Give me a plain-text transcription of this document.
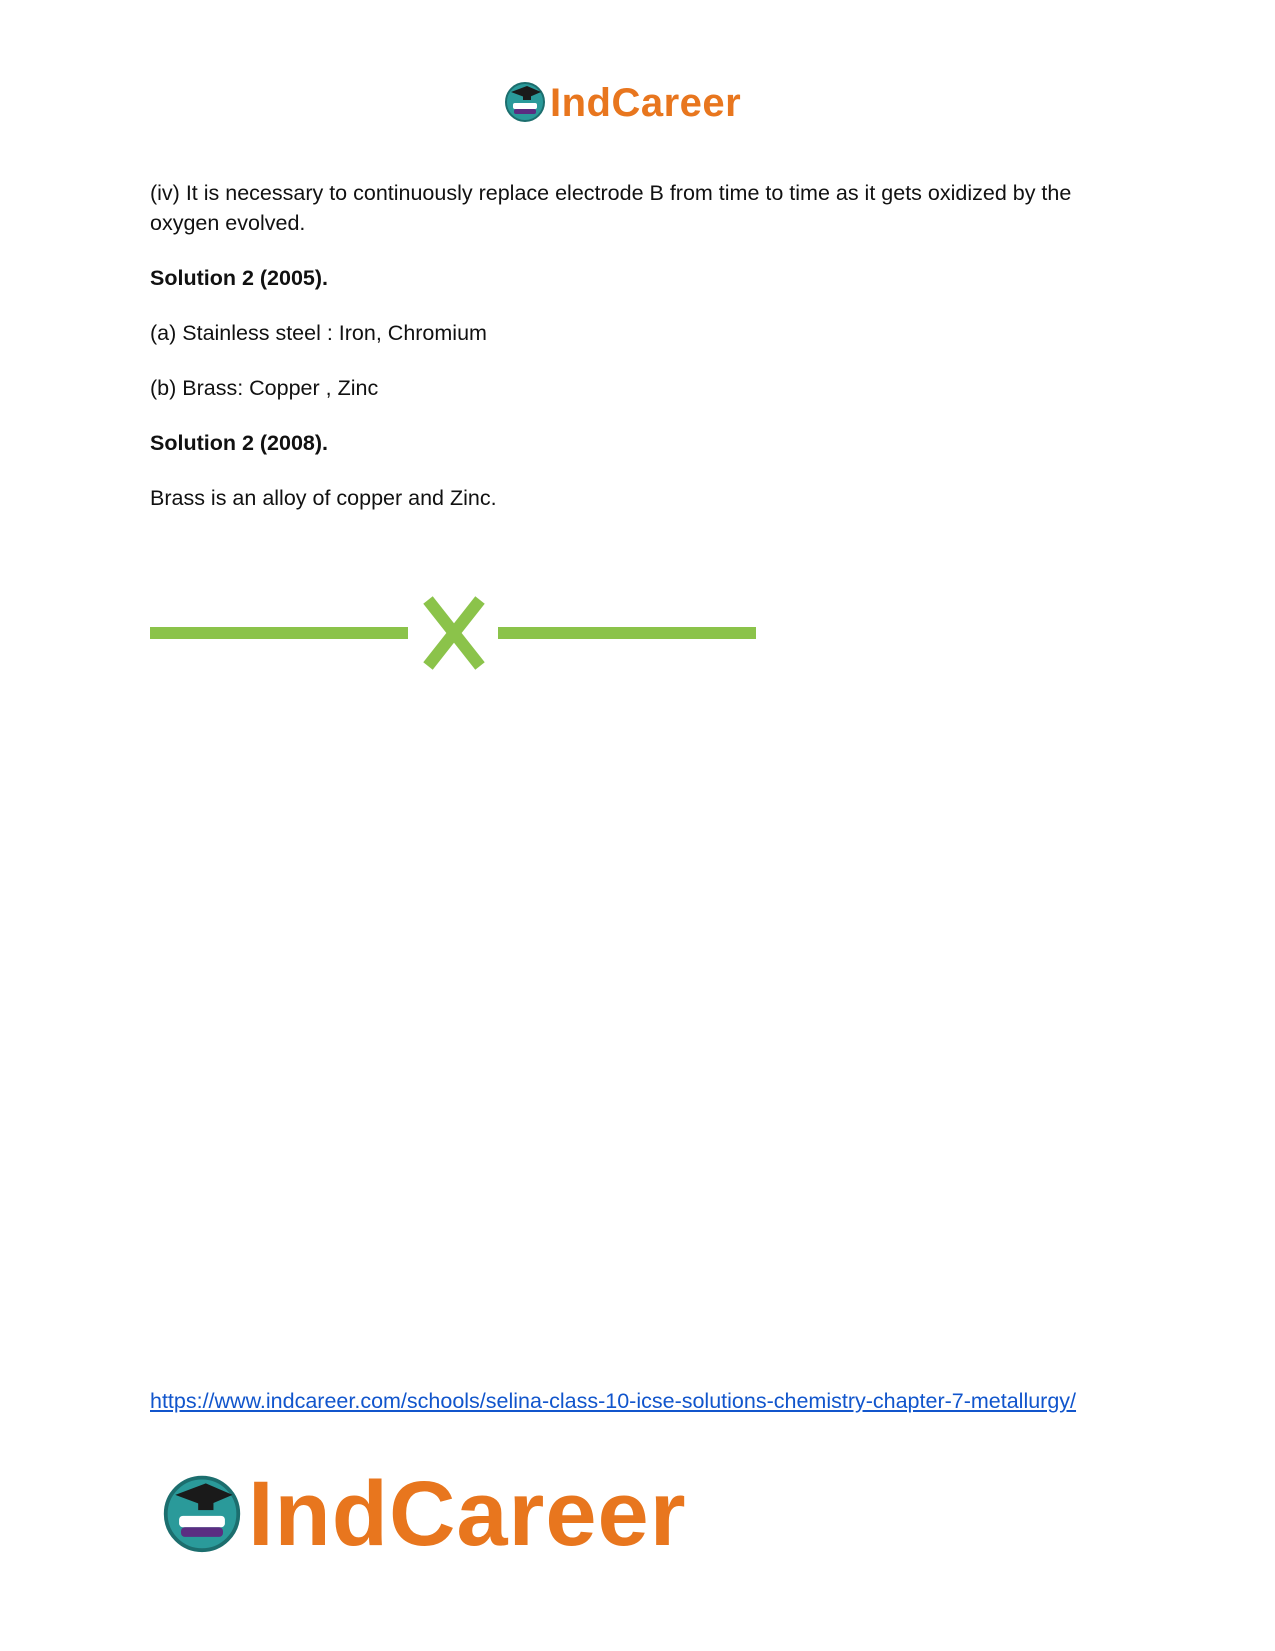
IndCareer

(iv) It is necessary to continuously replace electrode B from time to time as it gets oxidized by the oxygen evolved.

Solution 2 (2005).

(a) Stainless steel : Iron, Chromium

(b) Brass: Copper , Zinc

Solution 2 (2008).

Brass is an alloy of copper and Zinc.

https://www.indcareer.com/schools/selina-class-10-icse-solutions-chemistry-chapter-7-metallurgy/
IndCareer
